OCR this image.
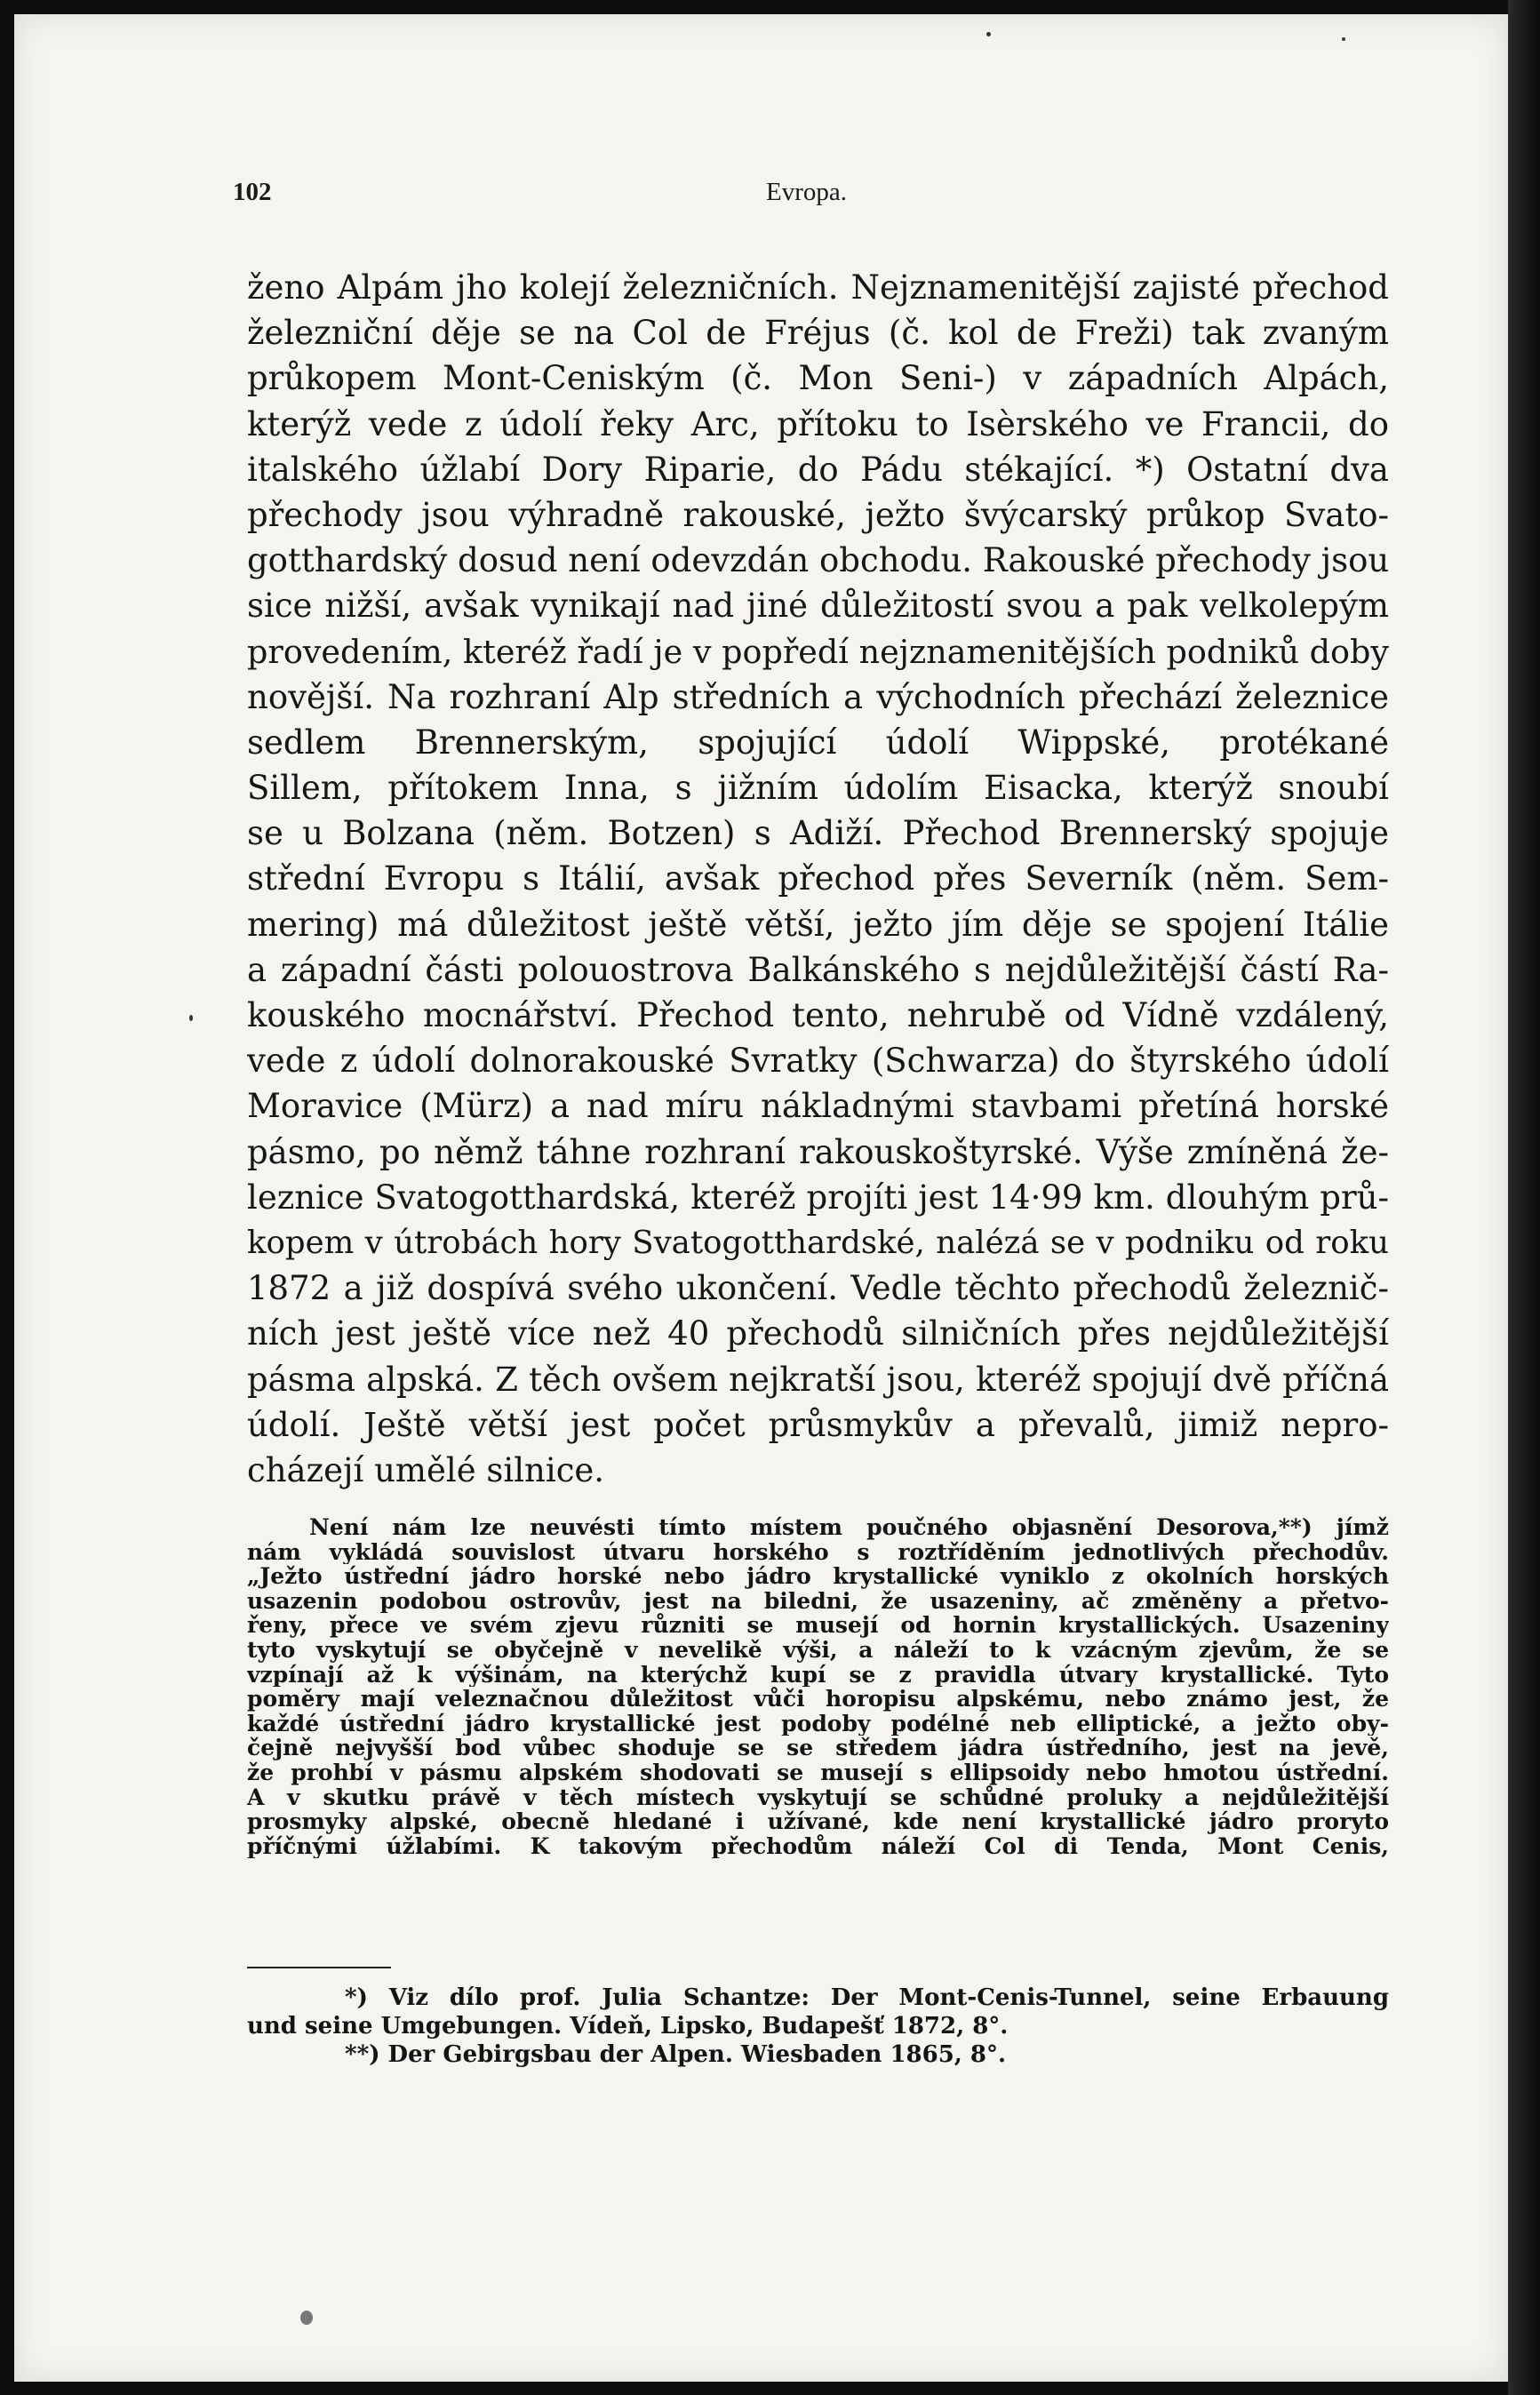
102	Evropa.
ženo Alpám jho kolejí železničních. Nejznamenitější zajisté přechod
železniční děje se na Col de Fréjus (č. kol de Freži) tak zvaným
průkopem Mont-Ceniským (č. Mon Seni-) v západních Alpách,
kterýž vede z údolí řeky Arc, přítoku to Isèrského ve Francii, do
italského úžlabí Dory Riparie, do Pádu stékající. *) Ostatní dva
přechody jsou výhradně rakouské, ježto švýcarský průkop Svato-
gotthardský dosud není odevzdán obchodu. Rakouské přechody jsou
sice nižší, avšak vynikají nad jiné důležitostí svou a pak velkolepým
provedením, kteréž řadí je v popředí nejznamenitějších podniků doby
novější. Na rozhraní Alp středních a východních přechází železnice
sedlem Brennerským, spojující údolí Wippské, protékané
Sillem, přítokem Inna, s jižním údolím Eisacka, kterýž snoubí
se u Bolzana (něm. Botzen) s Adiží. Přechod Brennerský spojuje
střední Evropu s Itálií, avšak přechod přes Severník (něm. Sem-
mering) má důležitost ještě větší, ježto jím děje se spojení Itálie
a západní části polouostrova Balkánského s nejdůležitější částí Ra-
kouského mocnářství. Přechod tento, nehrubě od Vídně vzdálený,
vede z údolí dolnorakouské Svratky (Schwarza) do štyrského údolí
Moravice (Mürz) a nad míru nákladnými stavbami přetíná horské
pásmo, po němž táhne rozhraní rakouskoštyrské. Výše zmíněná že-
leznice Svatogotthardská, kteréž projíti jest 14·99 km. dlouhým prů-
kopem v útrobách hory Svatogotthardské, nalézá se v podniku od roku
1872 a již dospívá svého ukončení. Vedle těchto přechodů železnič-
ních jest ještě více než 40 přechodů silničních přes nejdůležitější
pásma alpská. Z těch ovšem nejkratší jsou, kteréž spojují dvě příčná
údolí. Ještě větší jest počet průsmykův a převalů, jimiž nepro-
cházejí umělé silnice.
Není nám lze neuvésti tímto místem poučného objasnění Desorova,**) jímž
nám vykládá souvislost útvaru horského s roztříděním jednotlivých přechodův.
„Ježto ústřední jádro horské nebo jádro krystallické vyniklo z okolních horských
usazenin podobou ostrovův, jest na biledni, že usazeniny, ač změněny a přetvo-
řeny, přece ve svém zjevu různiti se musejí od hornin krystallických. Usazeniny
tyto vyskytují se obyčejně v nevelikě výši, a náleží to k vzácným zjevům, že se
vzpínají až k výšinám, na kterýchž kupí se z pravidla útvary krystallické. Tyto
poměry mají veleznačnou důležitost vůči horopisu alpskému, nebo známo jest, že
každé ústřední jádro krystallické jest podoby podélné neb elliptické, a ježto oby-
čejně nejvyšší bod vůbec shoduje se se středem jádra ústředního, jest na jevě,
že prohbí v pásmu alpském shodovati se musejí s ellipsoidy nebo hmotou ústřední.
A v skutku právě v těch místech vyskytují se schůdné proluky a nejdůležitější
prosmyky alpské, obecně hledané i užívané, kde není krystallické jádro proryto
příčnými úžlabími. K takovým přechodům náleží Col di Tenda, Mont Cenis,
*) Viz dílo prof. Julia Schantze: Der Mont-Cenis-Tunnel, seine Erbauung
und seine Umgebungen. Vídeň, Lipsko, Budapešť 1872, 8°.
**) Der Gebirgsbau der Alpen. Wiesbaden 1865, 8°.
